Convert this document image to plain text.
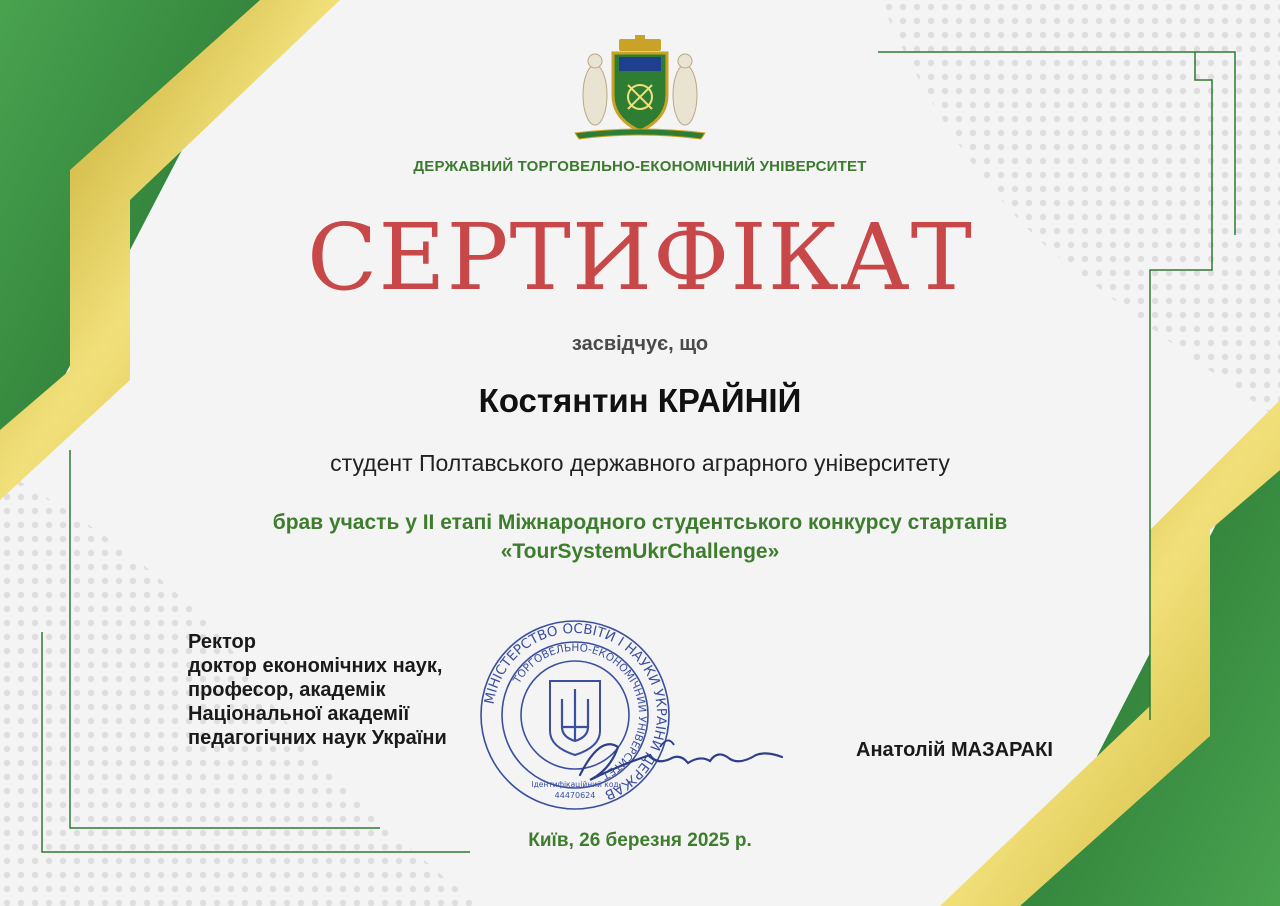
ДЕРЖАВНИЙ ТОРГОВЕЛЬНО-ЕКОНОМІЧНИЙ УНІВЕРСИТЕТ
СЕРТИФІКАТ
засвідчує, що
Костянтин КРАЙНІЙ
студент Полтавського державного аграрного університету
брав участь у ІІ етапі Міжнародного студентського конкурсу стартапів
«TourSystemUkrChallenge»
МІНІСТЕРСТВО ОСВІТИ І НАУКИ УКРАЇНИ ДЕРЖАВ
ТОРГОВЕЛЬНО-ЕКОНОМІЧНИЙ УНІВЕРСИТЕТ
Ідентифікаційний код
44470624
Ректор
доктор економічних наук,
професор, академік
Національної академії
педагогічних наук України
Анатолій МАЗАРАКІ
Київ, 26 березня 2025 р.
